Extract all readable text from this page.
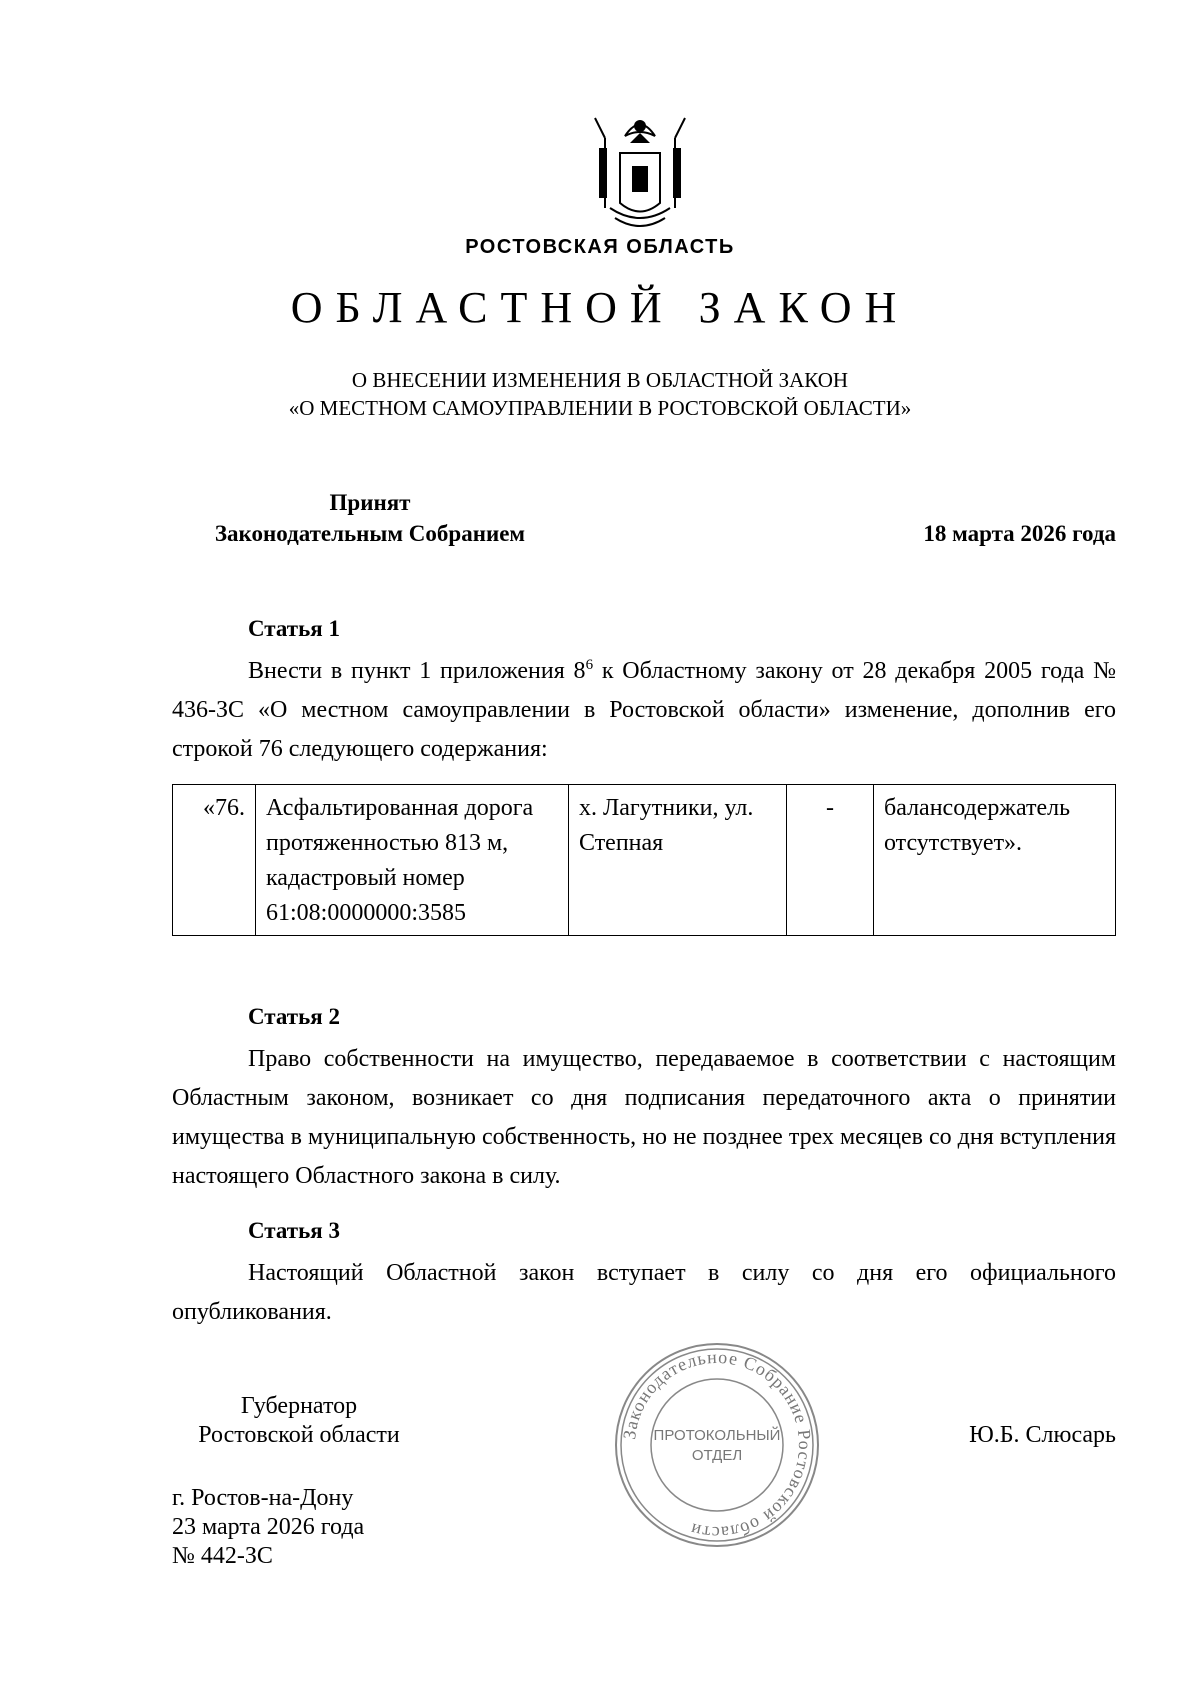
РОСТОВСКАЯ ОБЛАСТЬ
ОБЛАСТНОЙ ЗАКОН
О ВНЕСЕНИИ ИЗМЕНЕНИЯ В ОБЛАСТНОЙ ЗАКОН
«О МЕСТНОМ САМОУПРАВЛЕНИИ В РОСТОВСКОЙ ОБЛАСТИ»
Принят
Законодательным Собранием	18 марта 2026 года
Статья 1

Внести в пункт 1 приложения $8^6$ к Областному закону от 28 декабря 2005 года № 436-ЗС «О местном самоуправлении в Ростовской области» изменение, дополнив его строкой 76 следующего содержания:

«76.	Асфальтированная дорога протяженностью 813 м, кадастровый номер 61:08:0000000:3585	х. Лагутники, ул. Степная	-	балансодержатель отсутствует».
Статья 2

Право собственности на имущество, передаваемое в соответствии с настоящим Областным законом, возникает со дня подписания передаточного акта о принятии имущества в муниципальную собственность, но не позднее трех месяцев со дня вступления настоящего Областного закона в силу.

Статья 3

Настоящий Областной закон вступает в силу со дня его официального опубликования.

Губернатор
Ростовской области	Ю.Б. Слюсарь
г. Ростов-на-Дону
23 марта 2026 года
№ 442-ЗС
Законодательное Собрание Ростовской области
ПРОТОКОЛЬНЫЙ
ОТДЕЛ
